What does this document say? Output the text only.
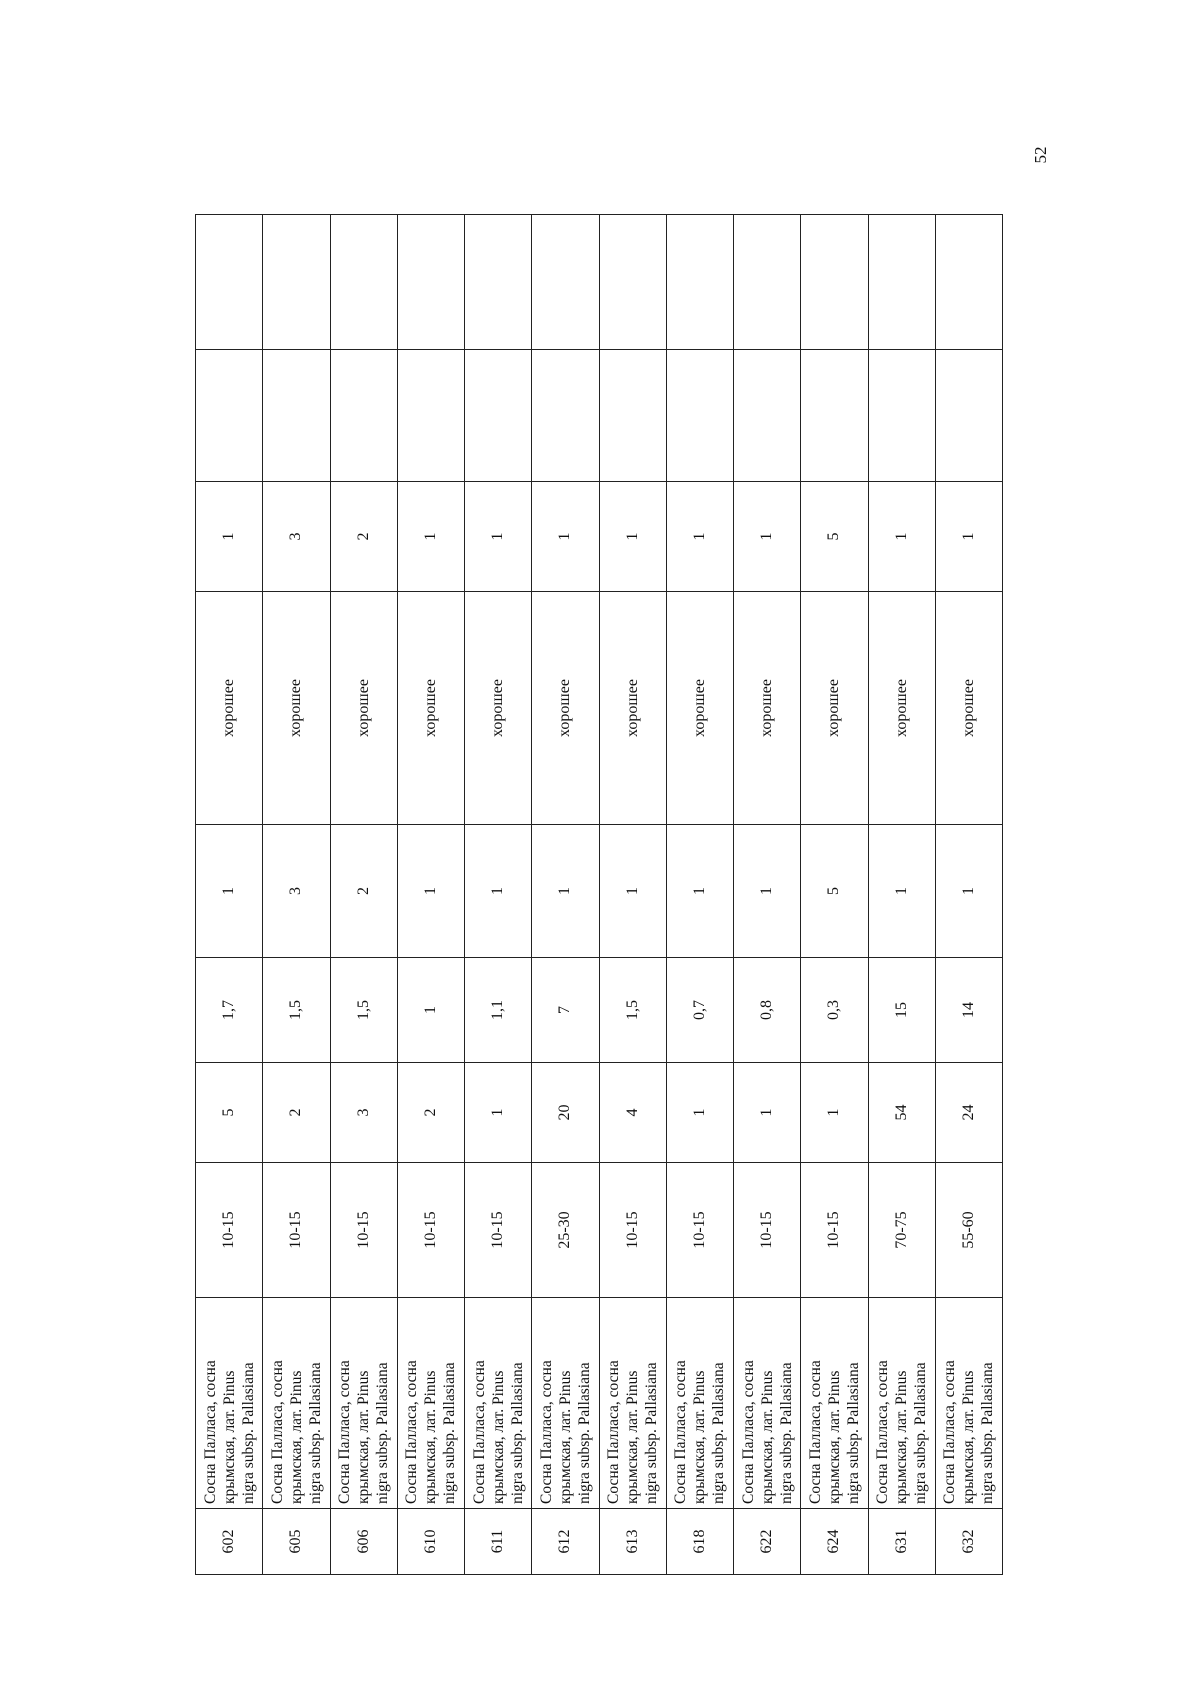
52
602	Сосна Палласа, сосна
крымская, лат. Pinus
nigra subsp. Pallasiana	10-15	5	1,7	1	хорошее	1		
605	Сосна Палласа, сосна
крымская, лат. Pinus
nigra subsp. Pallasiana	10-15	2	1,5	3	хорошее	3		
606	Сосна Палласа, сосна
крымская, лат. Pinus
nigra subsp. Pallasiana	10-15	3	1,5	2	хорошее	2		
610	Сосна Палласа, сосна
крымская, лат. Pinus
nigra subsp. Pallasiana	10-15	2	1	1	хорошее	1		
611	Сосна Палласа, сосна
крымская, лат. Pinus
nigra subsp. Pallasiana	10-15	1	1,1	1	хорошее	1		
612	Сосна Палласа, сосна
крымская, лат. Pinus
nigra subsp. Pallasiana	25-30	20	7	1	хорошее	1		
613	Сосна Палласа, сосна
крымская, лат. Pinus
nigra subsp. Pallasiana	10-15	4	1,5	1	хорошее	1		
618	Сосна Палласа, сосна
крымская, лат. Pinus
nigra subsp. Pallasiana	10-15	1	0,7	1	хорошее	1		
622	Сосна Палласа, сосна
крымская, лат. Pinus
nigra subsp. Pallasiana	10-15	1	0,8	1	хорошее	1		
624	Сосна Палласа, сосна
крымская, лат. Pinus
nigra subsp. Pallasiana	10-15	1	0,3	5	хорошее	5		
631	Сосна Палласа, сосна
крымская, лат. Pinus
nigra subsp. Pallasiana	70-75	54	15	1	хорошее	1		
632	Сосна Палласа, сосна
крымская, лат. Pinus
nigra subsp. Pallasiana	55-60	24	14	1	хорошее	1		
